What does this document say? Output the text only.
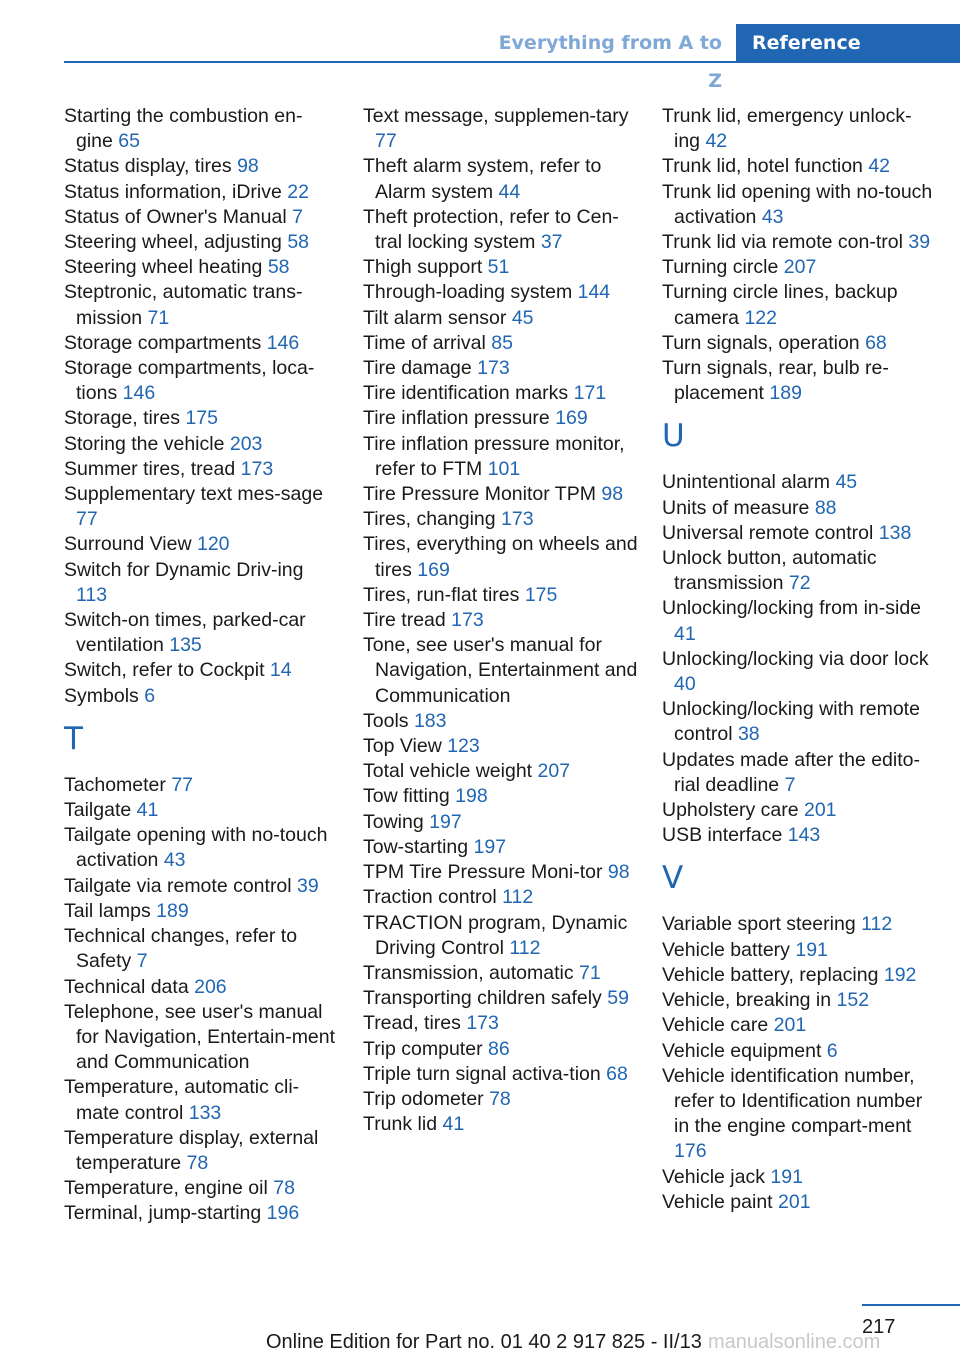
Everything from A to Z
Reference
Starting the combustion en‐gine 65
Status display, tires 98
Status information, iDrive 22
Status of Owner's Manual 7
Steering wheel, adjusting 58
Steering wheel heating 58
Steptronic, automatic trans‐mission 71
Storage compartments 146
Storage compartments, loca‐tions 146
Storage, tires 175
Storing the vehicle 203
Summer tires, tread 173
Supplementary text mes‐sage 77
Surround View 120
Switch for Dynamic Driv‐ing 113
Switch-on times, parked-car ventilation 135
Switch, refer to Cockpit 14
Symbols 6
T
Tachometer 77
Tailgate 41
Tailgate opening with no-touch activation 43
Tailgate via remote control 39
Tail lamps 189
Technical changes, refer to Safety 7
Technical data 206
Telephone, see user's manual for Navigation, Entertain‐ment and Communication
Temperature, automatic cli‐mate control 133
Temperature display, external temperature 78
Temperature, engine oil 78
Terminal, jump-starting 196
Text message, supplemen‐tary 77
Theft alarm system, refer to Alarm system 44
Theft protection, refer to Cen‐tral locking system 37
Thigh support 51
Through-loading system 144
Tilt alarm sensor 45
Time of arrival 85
Tire damage 173
Tire identification marks 171
Tire inflation pressure 169
Tire inflation pressure monitor, refer to FTM 101
Tire Pressure Monitor TPM 98
Tires, changing 173
Tires, everything on wheels and tires 169
Tires, run-flat tires 175
Tire tread 173
Tone, see user's manual for Navigation, Entertainment and Communication
Tools 183
Top View 123
Total vehicle weight 207
Tow fitting 198
Towing 197
Tow-starting 197
TPM Tire Pressure Moni‐tor 98
Traction control 112
TRACTION program, Dynamic Driving Control 112
Transmission, automatic 71
Transporting children safely 59
Tread, tires 173
Trip computer 86
Triple turn signal activa‐tion 68
Trip odometer 78
Trunk lid 41
Trunk lid, emergency unlock‐ing 42
Trunk lid, hotel function 42
Trunk lid opening with no-touch activation 43
Trunk lid via remote con‐trol 39
Turning circle 207
Turning circle lines, backup camera 122
Turn signals, operation 68
Turn signals, rear, bulb re‐placement 189
U
Unintentional alarm 45
Units of measure 88
Universal remote control 138
Unlock button, automatic transmission 72
Unlocking/locking from in‐side 41
Unlocking/locking via door lock 40
Unlocking/locking with remote control 38
Updates made after the edito‐rial deadline 7
Upholstery care 201
USB interface 143
V
Variable sport steering 112
Vehicle battery 191
Vehicle battery, replacing 192
Vehicle, breaking in 152
Vehicle care 201
Vehicle equipment 6
Vehicle identification number, refer to Identification number in the engine compart‐ment 176
Vehicle jack 191
Vehicle paint 201
217
Online Edition for Part no. 01 40 2 917 825 - II/13 manualsonline.com
